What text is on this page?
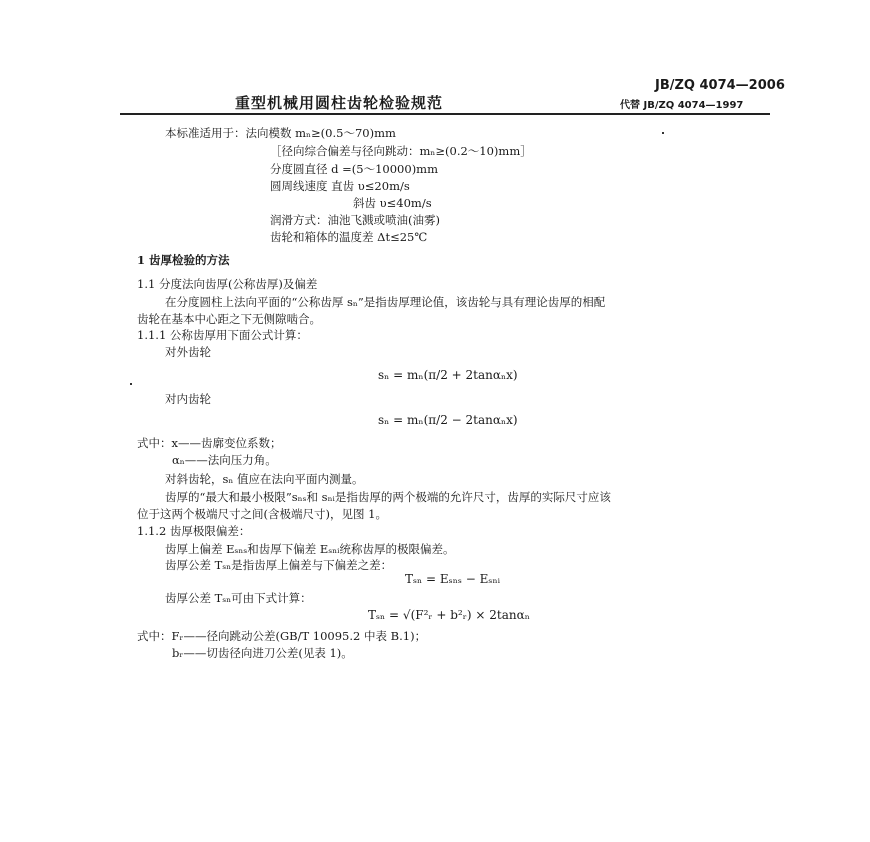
JB/ZQ 4074—2006
重型机械用圆柱齿轮检验规范	代替 JB/ZQ 4074—1997
本标准适用于：法向模数 mₙ≥(0.5～70)mm
［径向综合偏差与径向跳动：mₙ≥(0.2～10)mm］
分度圆直径 d =(5～10000)mm
圆周线速度 直齿 υ≤20m/s
斜齿 υ≤40m/s
润滑方式：油池飞溅或喷油(油雾)
齿轮和箱体的温度差 Δt≤25℃
1 齿厚检验的方法
1.1 分度法向齿厚(公称齿厚)及偏差
在分度圆柱上法向平面的“公称齿厚 sₙ”是指齿厚理论值，该齿轮与具有理论齿厚的相配
齿轮在基本中心距之下无侧隙啮合。
1.1.1 公称齿厚用下面公式计算：
对外齿轮
sₙ = mₙ(π/2 + 2tanαₙx)
对内齿轮
sₙ = mₙ(π/2 − 2tanαₙx)
式中：x——齿廓变位系数；
αₙ——法向压力角。
对斜齿轮，sₙ 值应在法向平面内测量。
齿厚的“最大和最小极限”sₙₛ和 sₙᵢ是指齿厚的两个极端的允许尺寸，齿厚的实际尺寸应该
位于这两个极端尺寸之间(含极端尺寸)，见图 1。
1.1.2 齿厚极限偏差：
齿厚上偏差 Eₛₙₛ和齿厚下偏差 Eₛₙᵢ统称齿厚的极限偏差。
齿厚公差 Tₛₙ是指齿厚上偏差与下偏差之差：
Tₛₙ = Eₛₙₛ − Eₛₙᵢ
齿厚公差 Tₛₙ可由下式计算：
Tₛₙ = √(F²ᵣ + b²ᵣ) × 2tanαₙ
式中：Fᵣ——径向跳动公差(GB/T 10095.2 中表 B.1)；
bᵣ——切齿径向进刀公差(见表 1)。
